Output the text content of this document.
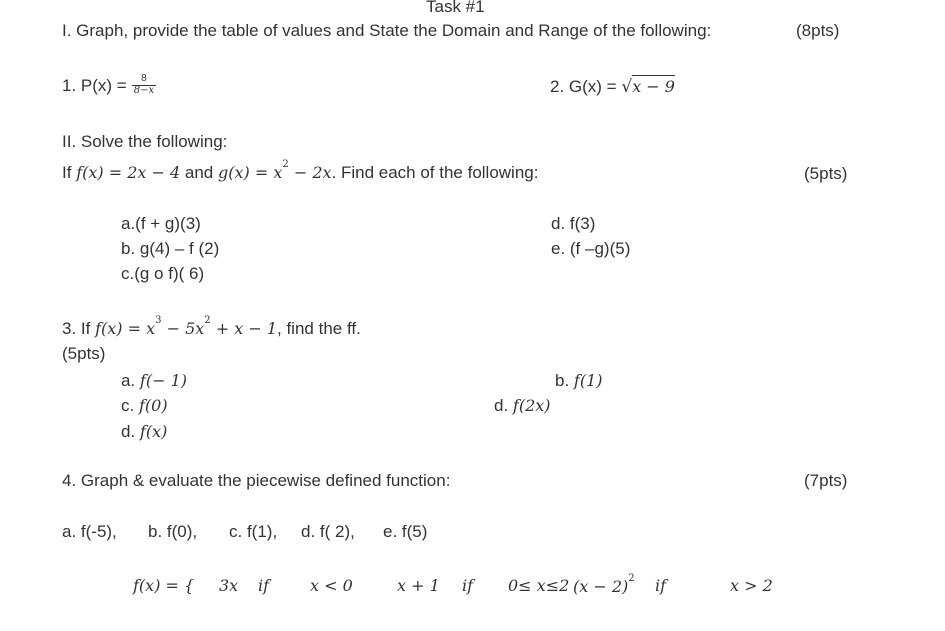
Task #1
I. Graph, provide the table of values and State the Domain and Range of the following:	(8pts)
1. $P(x) = \frac{8}{8-x}$	2. G(x) = √x − 9
II. Solve the following:
If f(x) = 2x − 4 and $g(x) = x^2 - 2x$. Find each of the following:	(5pts)
a.(f + g)(3)
b. g(4) – f (2)
c.(g o f)( 6)
d. f(3)
e. (f –g)(5)
3. If $f(x) = x^3 - 5x^2 + x - 1$, find the ff.
(5pts)
a. f(− 1)	b. f(1)
c. f(0)	d. f(2x)
d. f(x)
4. Graph & evaluate the piecewise defined function:	(7pts)
a. f(-5), b. f(0), c. f(1), d. f( 2), e. f(5)
f(x) = { 3x if	x < 0	x + 1 if 0≤ x≤2 $(x - 2)^2$ if	x > 2
